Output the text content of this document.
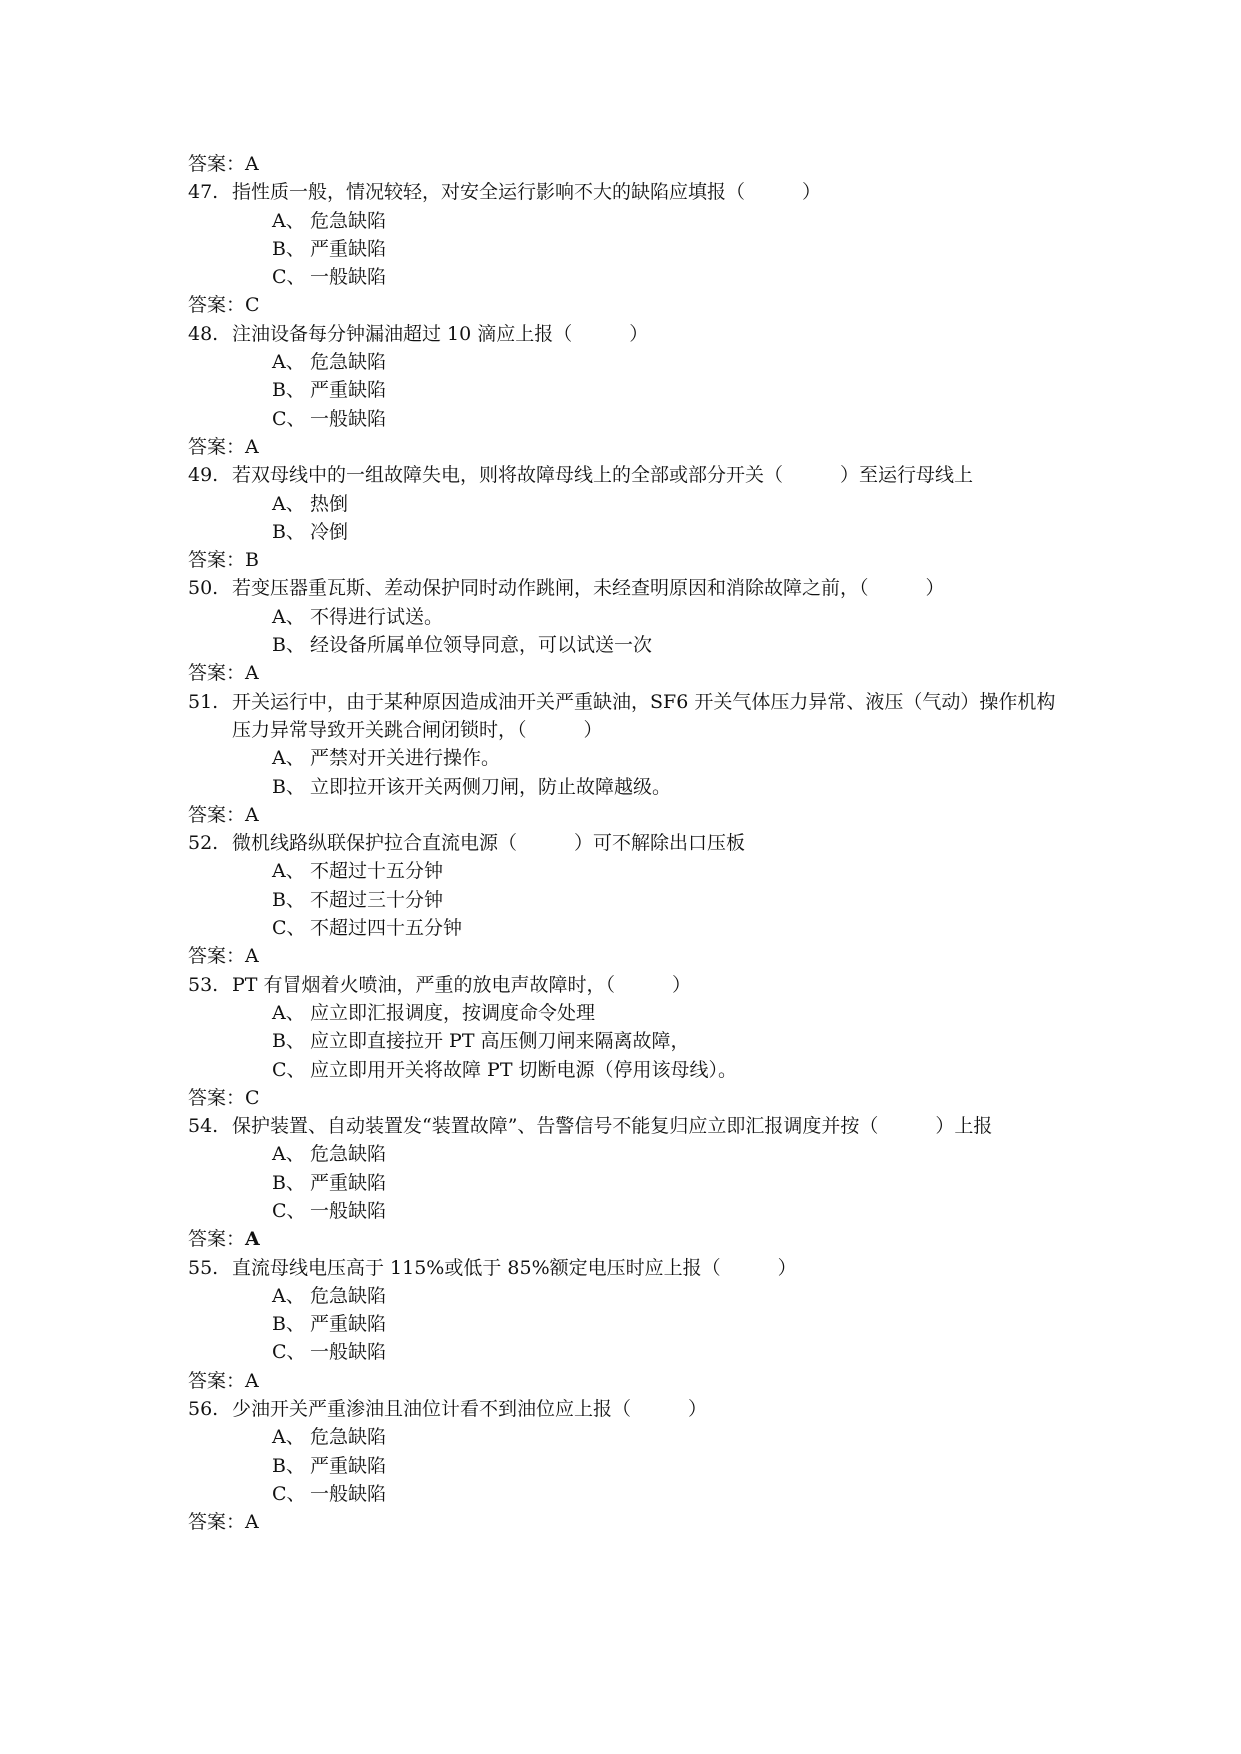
答案：A
47. 指性质一般，情况较轻，对安全运行影响不大的缺陷应填报（　　　）
A、 危急缺陷
B、 严重缺陷
C、 一般缺陷
答案：C
48. 注油设备每分钟漏油超过 10 滴应上报（　　　）
A、 危急缺陷
B、 严重缺陷
C、 一般缺陷
答案：A
49. 若双母线中的一组故障失电，则将故障母线上的全部或部分开关（　　　）至运行母线上
A、 热倒
B、 冷倒
答案：B
50. 若变压器重瓦斯、差动保护同时动作跳闸，未经查明原因和消除故障之前，（　　　）
A、 不得进行试送。
B、 经设备所属单位领导同意，可以试送一次
答案：A
51. 开关运行中，由于某种原因造成油开关严重缺油，SF6 开关气体压力异常、液压（气动）操作机构压力异常导致开关跳合闸闭锁时，（　　　）
A、 严禁对开关进行操作。
B、 立即拉开该开关两侧刀闸，防止故障越级。
答案：A
52. 微机线路纵联保护拉合直流电源（　　　）可不解除出口压板
A、 不超过十五分钟
B、 不超过三十分钟
C、 不超过四十五分钟
答案：A
53. PT 有冒烟着火喷油，严重的放电声故障时，（　　　）
A、 应立即汇报调度，按调度命令处理
B、 应立即直接拉开 PT 高压侧刀闸来隔离故障，
C、 应立即用开关将故障 PT 切断电源（停用该母线）。
答案：C
54. 保护装置、自动装置发“装置故障”、告警信号不能复归应立即汇报调度并按（　　　）上报
A、 危急缺陷
B、 严重缺陷
C、 一般缺陷
答案：A
55. 直流母线电压高于 115%或低于 85%额定电压时应上报（　　　）
A、 危急缺陷
B、 严重缺陷
C、 一般缺陷
答案：A
56. 少油开关严重渗油且油位计看不到油位应上报（　　　）
A、 危急缺陷
B、 严重缺陷
C、 一般缺陷
答案：A
